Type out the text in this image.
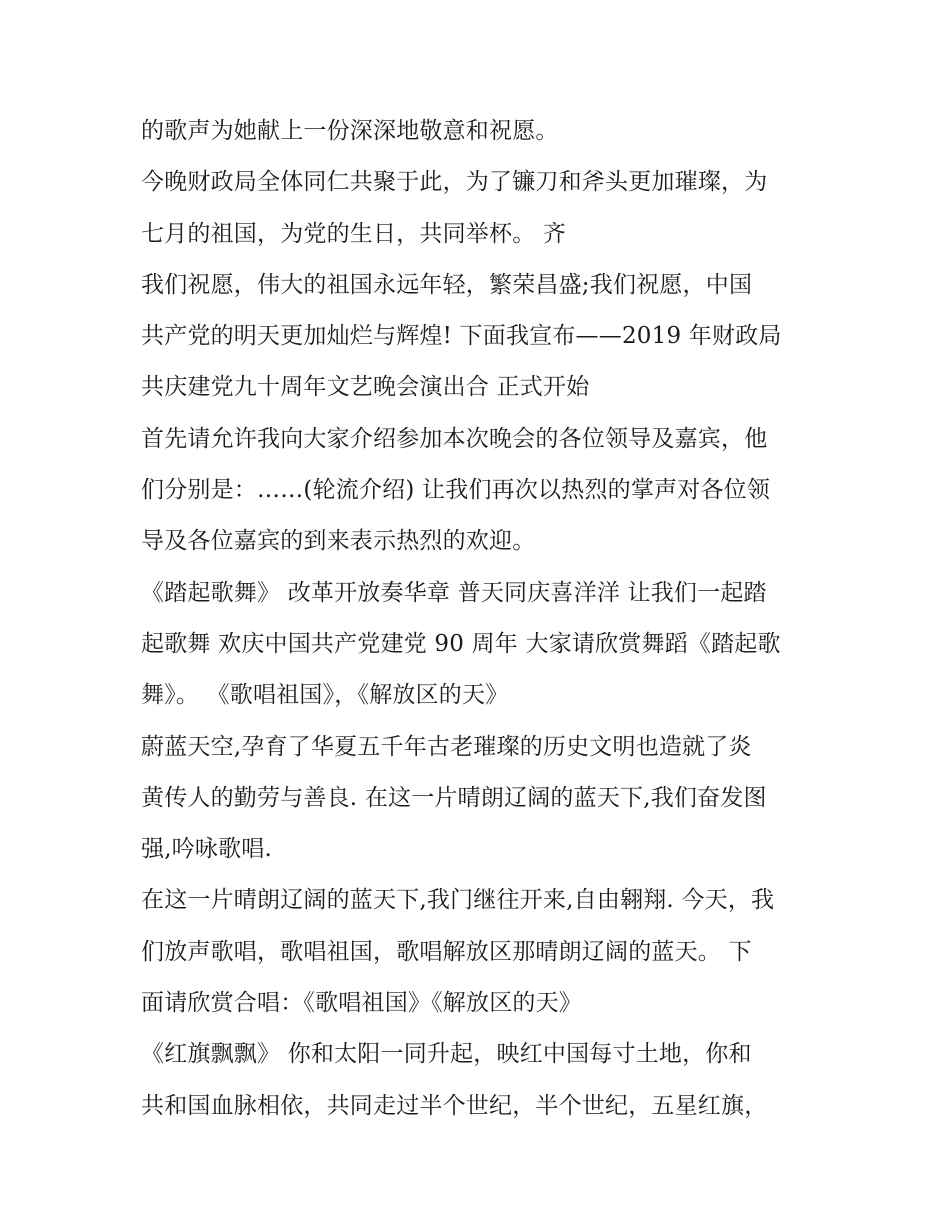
的歌声为她献上一份深深地敬意和祝愿。
今晚财政局全体同仁共聚于此，为了镰刀和斧头更加璀璨，为
七月的祖国，为党的生日，共同举杯。 齐
我们祝愿，伟大的祖国永远年轻，繁荣昌盛;我们祝愿，中国
共产党的明天更加灿烂与辉煌! 下面我宣布——2019 年财政局
共庆建党九十周年文艺晚会演出合 正式开始
首先请允许我向大家介绍参加本次晚会的各位领导及嘉宾，他
们分别是：……(轮流介绍) 让我们再次以热烈的掌声对各位领
导及各位嘉宾的到来表示热烈的欢迎。
《踏起歌舞》 改革开放奏华章 普天同庆喜洋洋 让我们一起踏
起歌舞 欢庆中国共产党建党 90 周年 大家请欣赏舞蹈《踏起歌
舞》。 《歌唱祖国》，《解放区的天》
蔚蓝天空,孕育了华夏五千年古老璀璨的历史文明也造就了炎
黄传人的勤劳与善良. 在这一片晴朗辽阔的蓝天下,我们奋发图
强,吟咏歌唱.
在这一片晴朗辽阔的蓝天下,我门继往开来,自由翱翔. 今天，我
们放声歌唱，歌唱祖国，歌唱解放区那晴朗辽阔的蓝天。 下
面请欣赏合唱：《歌唱祖国》《解放区的天》
《红旗飘飘》 你和太阳一同升起，映红中国每寸土地，你和
共和国血脉相依，共同走过半个世纪，半个世纪，五星红旗，
